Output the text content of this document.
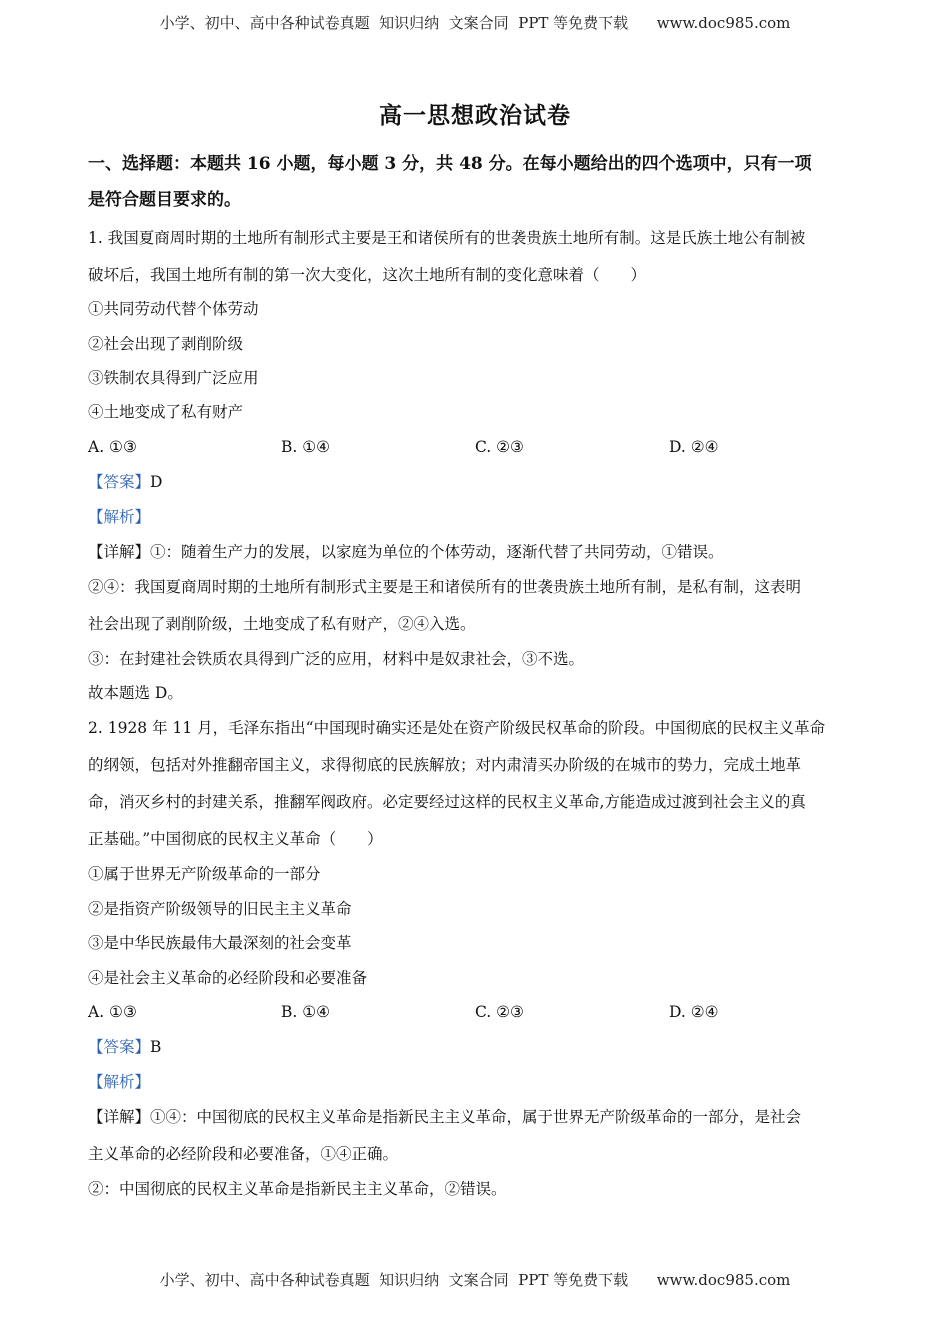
小学、初中、高中各种试卷真题  知识归纳  文案合同  PPT 等免费下载      www.doc985.com
高一思想政治试卷
一、选择题：本题共 16 小题，每小题 3 分，共 48 分。在每小题给出的四个选项中，只有一项
是符合题目要求的。
1. 我国夏商周时期的土地所有制形式主要是王和诸侯所有的世袭贵族土地所有制。这是氏族土地公有制被
破坏后，我国土地所有制的第一次大变化，这次土地所有制的变化意味着（　　）
①共同劳动代替个体劳动
②社会出现了剥削阶级
③铁制农具得到广泛应用
④土地变成了私有财产
A. ①③	B. ①④	C. ②③	D. ②④
【答案】D
【解析】
【详解】①：随着生产力的发展，以家庭为单位的个体劳动，逐渐代替了共同劳动，①错误。
②④：我国夏商周时期的土地所有制形式主要是王和诸侯所有的世袭贵族土地所有制，是私有制，这表明
社会出现了剥削阶级，土地变成了私有财产，②④入选。
③：在封建社会铁质农具得到广泛的应用，材料中是奴隶社会，③不选。
故本题选 D。
2. 1928 年 11 月，毛泽东指出“中国现时确实还是处在资产阶级民权革命的阶段。中国彻底的民权主义革命
的纲领，包括对外推翻帝国主义，求得彻底的民族解放；对内肃清买办阶级的在城市的势力，完成土地革
命，消灭乡村的封建关系，推翻军阀政府。必定要经过这样的民权主义革命,方能造成过渡到社会主义的真
正基础。”中国彻底的民权主义革命（　　）
①属于世界无产阶级革命的一部分
②是指资产阶级领导的旧民主主义革命
③是中华民族最伟大最深刻的社会变革
④是社会主义革命的必经阶段和必要准备
A. ①③	B. ①④	C. ②③	D. ②④
【答案】B
【解析】
【详解】①④：中国彻底的民权主义革命是指新民主主义革命，属于世界无产阶级革命的一部分，是社会
主义革命的必经阶段和必要准备，①④正确。
②：中国彻底的民权主义革命是指新民主主义革命，②错误。
小学、初中、高中各种试卷真题  知识归纳  文案合同  PPT 等免费下载      www.doc985.com
